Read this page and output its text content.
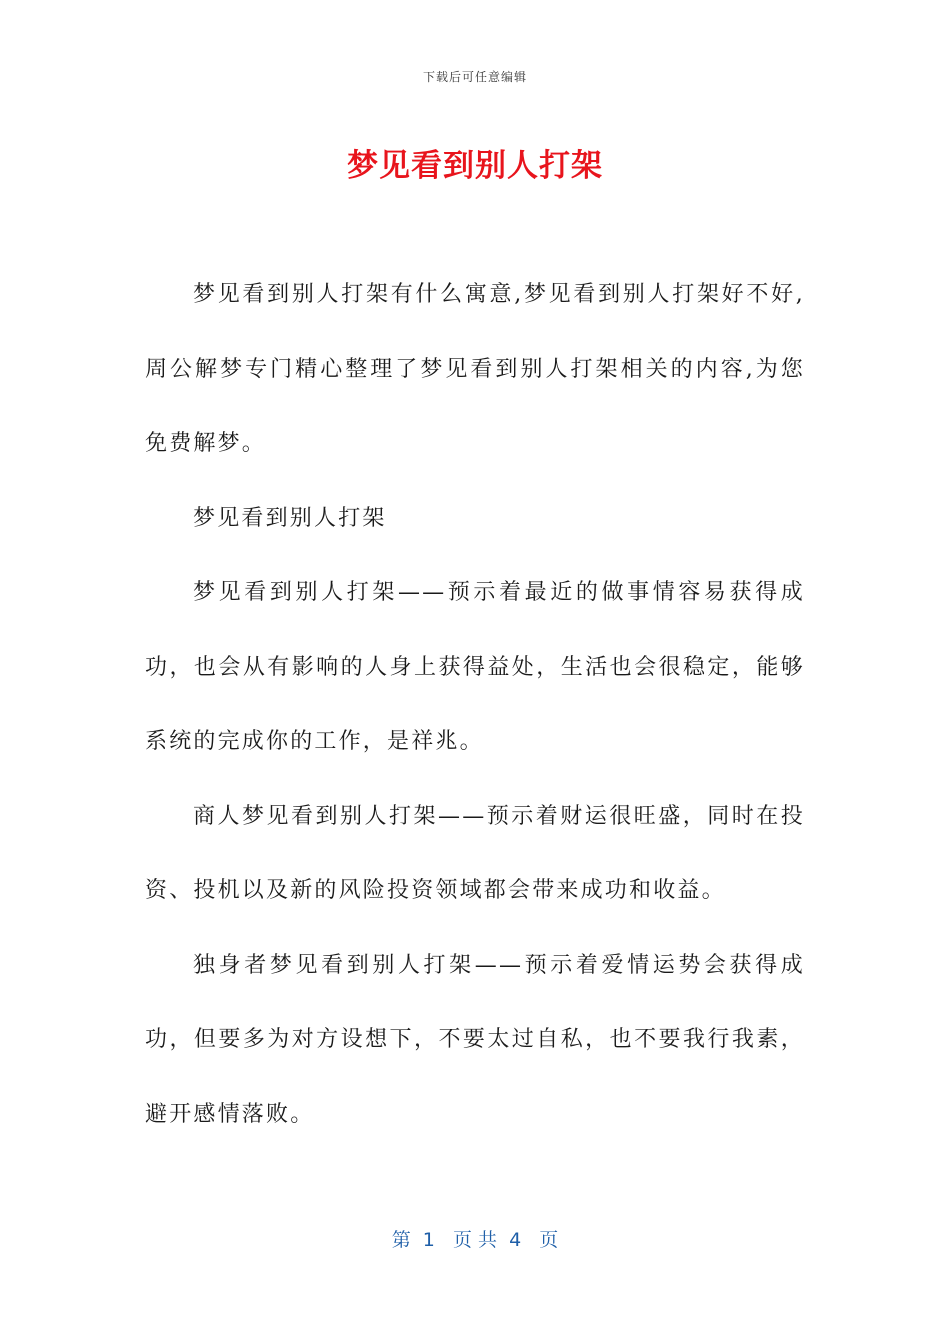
下载后可任意编辑
梦见看到别人打架

梦见看到别人打架有什么寓意,梦见看到别人打架好不好,周公解梦专门精心整理了梦见看到别人打架相关的内容,为您免费解梦。

梦见看到别人打架

梦见看到别人打架——预示着最近的做事情容易获得成功，也会从有影响的人身上获得益处，生活也会很稳定，能够系统的完成你的工作，是祥兆。

商人梦见看到别人打架——预示着财运很旺盛，同时在投资、投机以及新的风险投资领域都会带来成功和收益。

独身者梦见看到别人打架——预示着爱情运势会获得成功，但要多为对方设想下，不要太过自私，也不要我行我素，避开感情落败。

第  1   页 共  4   页
